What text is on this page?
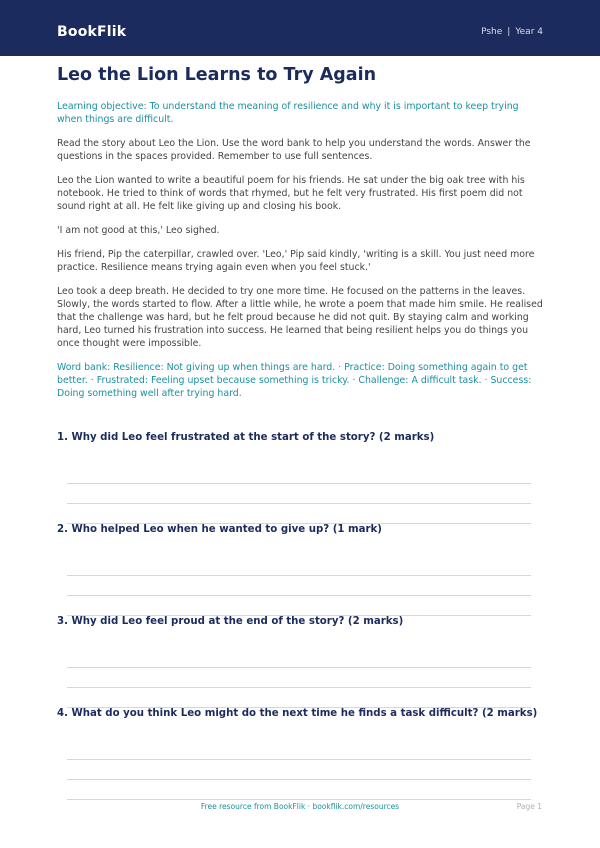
BookFlik	Pshe | Year 4
Leo the Lion Learns to Try Again

Learning objective: To understand the meaning of resilience and why it is important to keep trying when things are difficult.

Read the story about Leo the Lion. Use the word bank to help you understand the words. Answer the questions in the spaces provided. Remember to use full sentences.

Leo the Lion wanted to write a beautiful poem for his friends. He sat under the big oak tree with his notebook. He tried to think of words that rhymed, but he felt very frustrated. His first poem did not sound right at all. He felt like giving up and closing his book.

'I am not good at this,' Leo sighed.

His friend, Pip the caterpillar, crawled over. 'Leo,' Pip said kindly, 'writing is a skill. You just need more practice. Resilience means trying again even when you feel stuck.'

Leo took a deep breath. He decided to try one more time. He focused on the patterns in the leaves. Slowly, the words started to flow. After a little while, he wrote a poem that made him smile. He realised that the challenge was hard, but he felt proud because he did not quit. By staying calm and working hard, Leo turned his frustration into success. He learned that being resilient helps you do things you once thought were impossible.

Word bank: Resilience: Not giving up when things are hard. · Practice: Doing something again to get better. · Frustrated: Feeling upset because something is tricky. · Challenge: A difficult task. · Success: Doing something well after trying hard.

1. Why did Leo feel frustrated at the start of the story? (2 marks)

2. Who helped Leo when he wanted to give up? (1 mark)

3. Why did Leo feel proud at the end of the story? (2 marks)

4. What do you think Leo might do the next time he finds a task difficult? (2 marks)

Free resource from BookFlik · bookflik.com/resources	Page 1
